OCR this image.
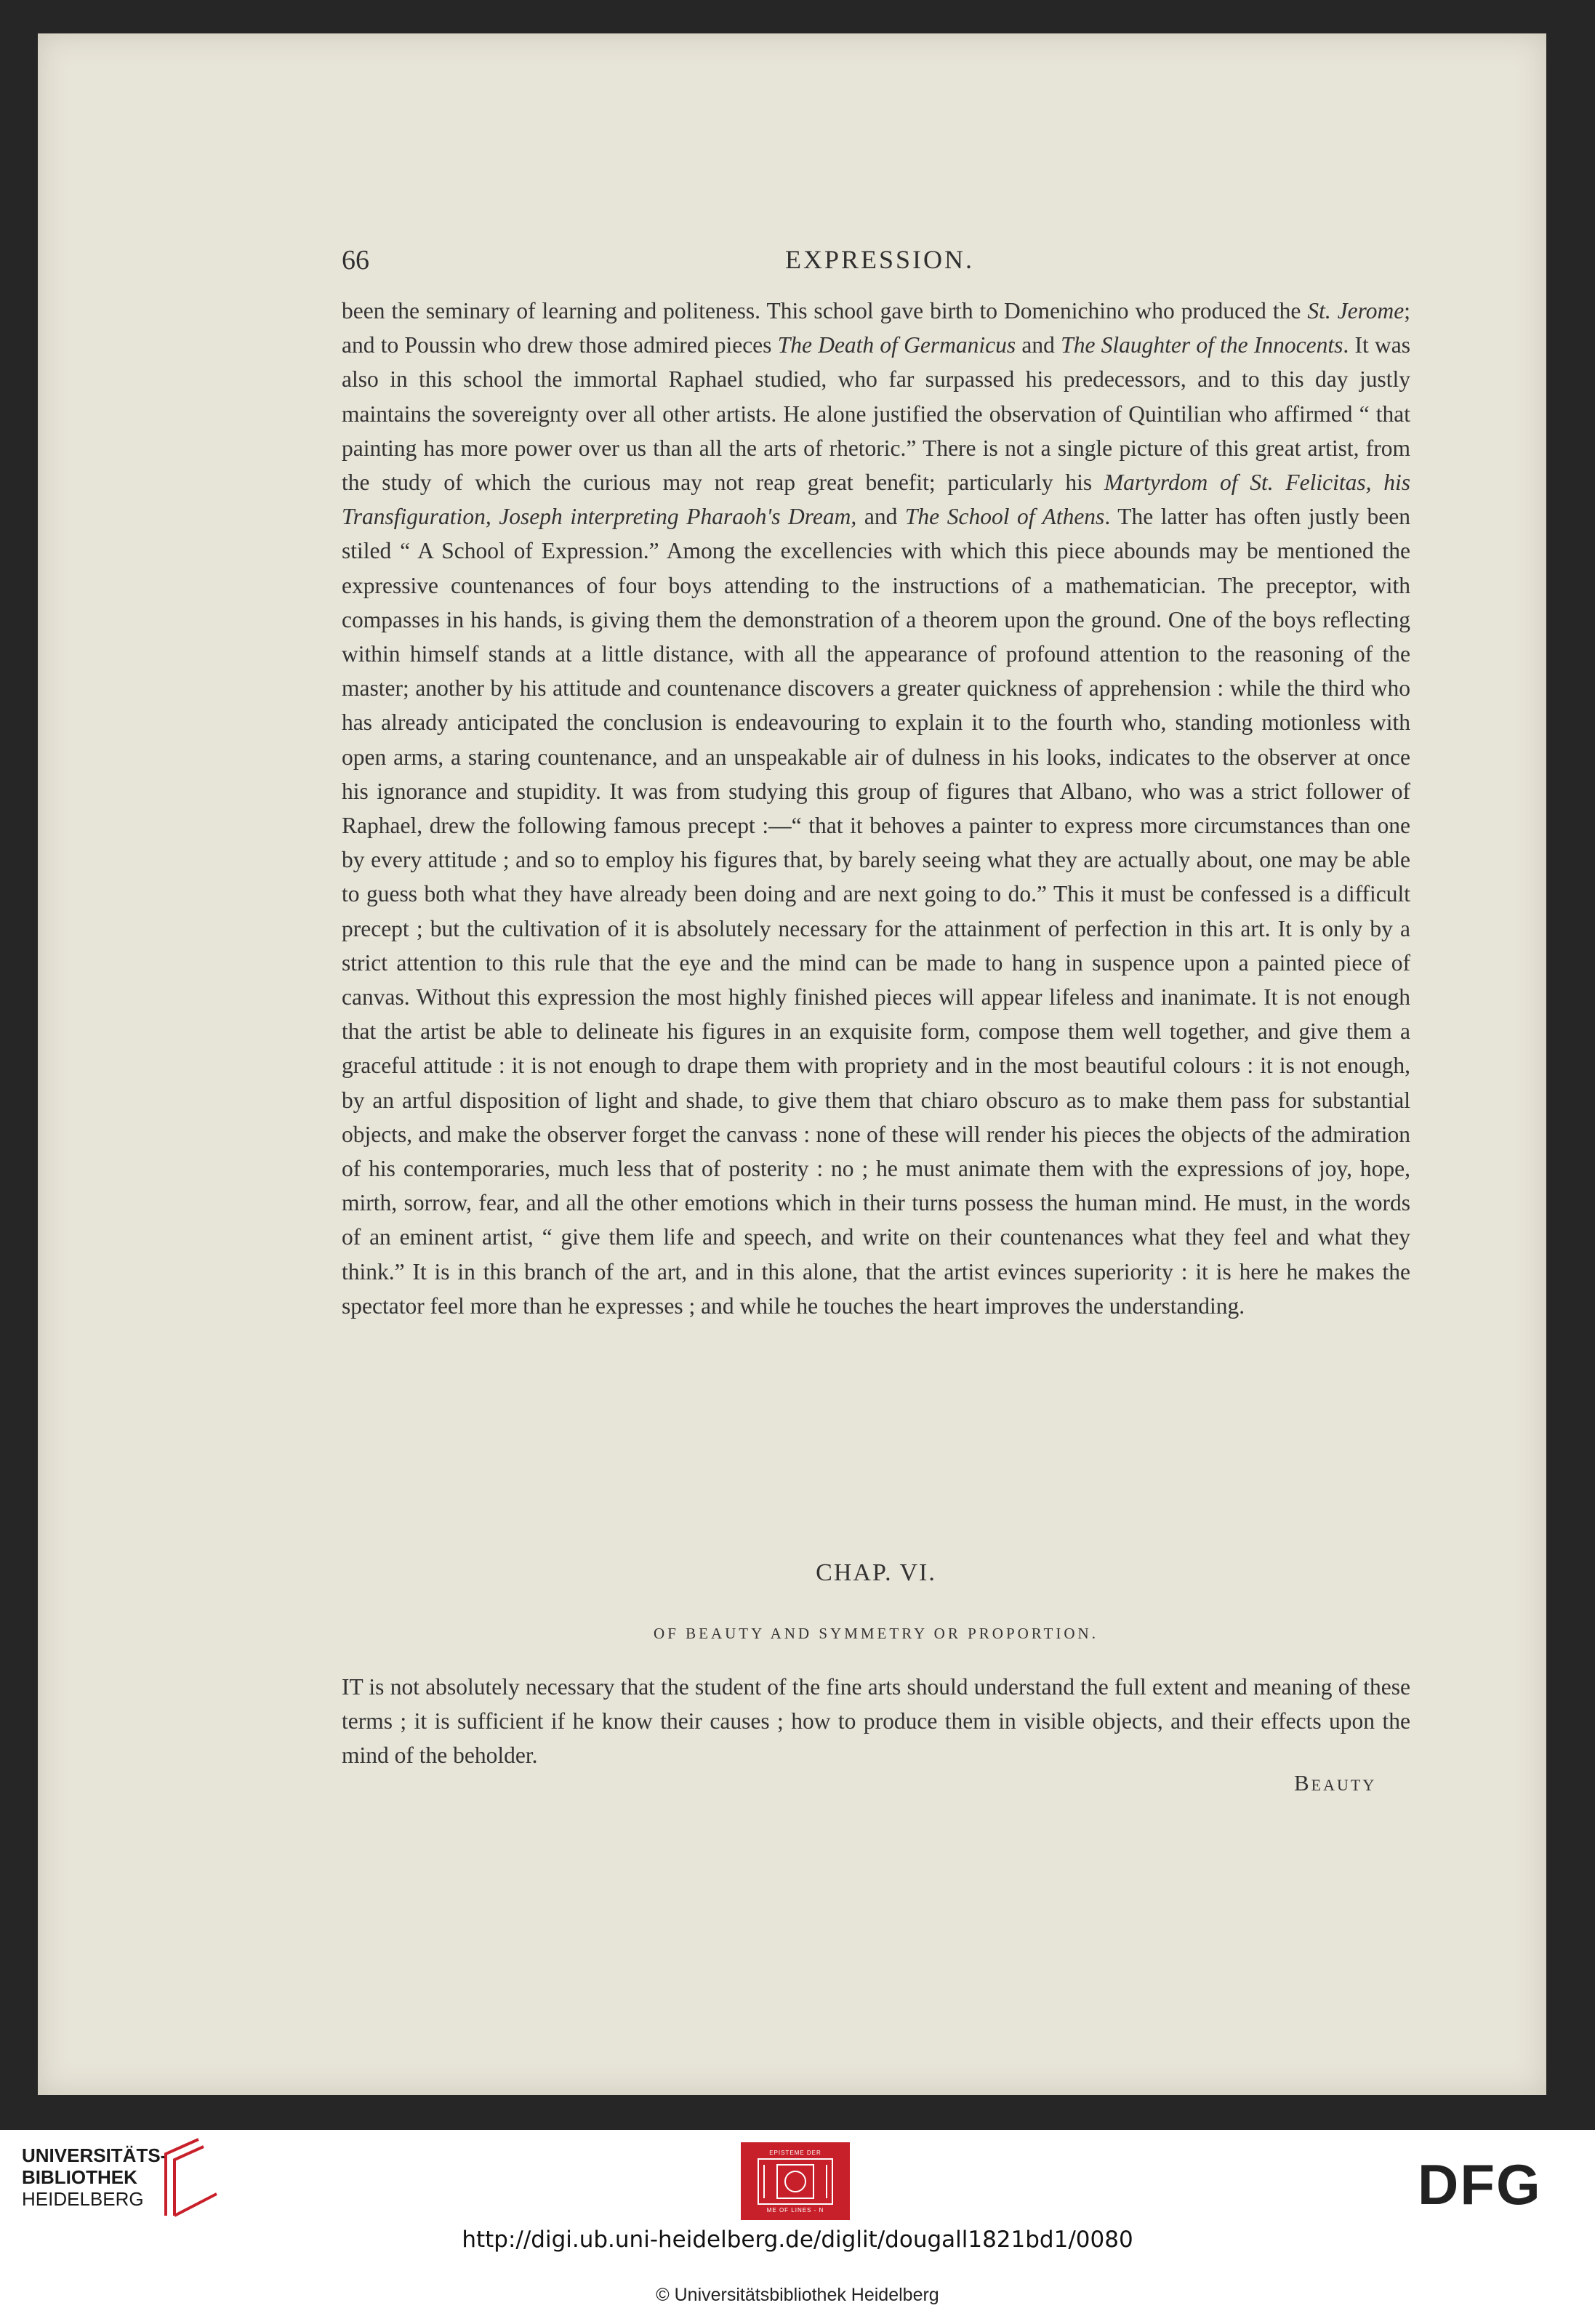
66	EXPRESSION.

been the seminary of learning and politeness. This school gave birth to Domenichino who produced the St. Jerome; and to Poussin who drew those admired pieces The Death of Germanicus and The Slaughter of the Innocents. It was also in this school the immortal Raphael studied, who far surpassed his predecessors, and to this day justly maintains the sovereignty over all other artists. He alone justified the observation of Quintilian who affirmed “ that painting has more power over us than all the arts of rhetoric.” There is not a single picture of this great artist, from the study of which the curious may not reap great benefit; particularly his Martyrdom of St. Felicitas, his Transfiguration, Joseph interpreting Pharaoh's Dream, and The School of Athens. The latter has often justly been stiled “ A School of Expression.” Among the excellencies with which this piece abounds may be mentioned the expressive countenances of four boys attending to the instructions of a mathematician. The preceptor, with compasses in his hands, is giving them the demonstration of a theorem upon the ground. One of the boys reflecting within himself stands at a little distance, with all the appearance of profound attention to the reasoning of the master; another by his attitude and countenance discovers a greater quickness of apprehension : while the third who has already anticipated the conclusion is endeavouring to explain it to the fourth who, standing motionless with open arms, a staring countenance, and an unspeakable air of dulness in his looks, indicates to the observer at once his ignorance and stupidity. It was from studying this group of figures that Albano, who was a strict follower of Raphael, drew the following famous precept :—“ that it behoves a painter to express more circumstances than one by every attitude ; and so to employ his figures that, by barely seeing what they are actually about, one may be able to guess both what they have already been doing and are next going to do.” This it must be confessed is a difficult precept ; but the cultivation of it is absolutely necessary for the attainment of perfection in this art. It is only by a strict attention to this rule that the eye and the mind can be made to hang in suspence upon a painted piece of canvas. Without this expression the most highly finished pieces will appear lifeless and inanimate. It is not enough that the artist be able to delineate his figures in an exquisite form, compose them well together, and give them a graceful attitude : it is not enough to drape them with propriety and in the most beautiful colours : it is not enough, by an artful disposition of light and shade, to give them that chiaro obscuro as to make them pass for substantial objects, and make the observer forget the canvass : none of these will render his pieces the objects of the admiration of his contemporaries, much less that of posterity : no ; he must animate them with the expressions of joy, hope, mirth, sorrow, fear, and all the other emotions which in their turns possess the human mind. He must, in the words of an eminent artist, “ give them life and speech, and write on their countenances what they feel and what they think.” It is in this branch of the art, and in this alone, that the artist evinces superiority : it is here he makes the spectator feel more than he expresses ; and while he touches the heart improves the understanding.

CHAP. VI.
OF BEAUTY AND SYMMETRY OR PROPORTION.
IT is not absolutely necessary that the student of the fine arts should understand the full extent and meaning of these terms ; it is sufficient if he know their causes ; how to produce them in visible objects, and their effects upon the mind of the beholder.
Beauty
UNIVERSITÄTS-
BIBLIOTHEK
HEIDELBERG
EPISTEME DER
ME OF LINES - N	DFG
http://digi.ub.uni-heidelberg.de/diglit/dougall1821bd1/0080
© Universitätsbibliothek Heidelberg
